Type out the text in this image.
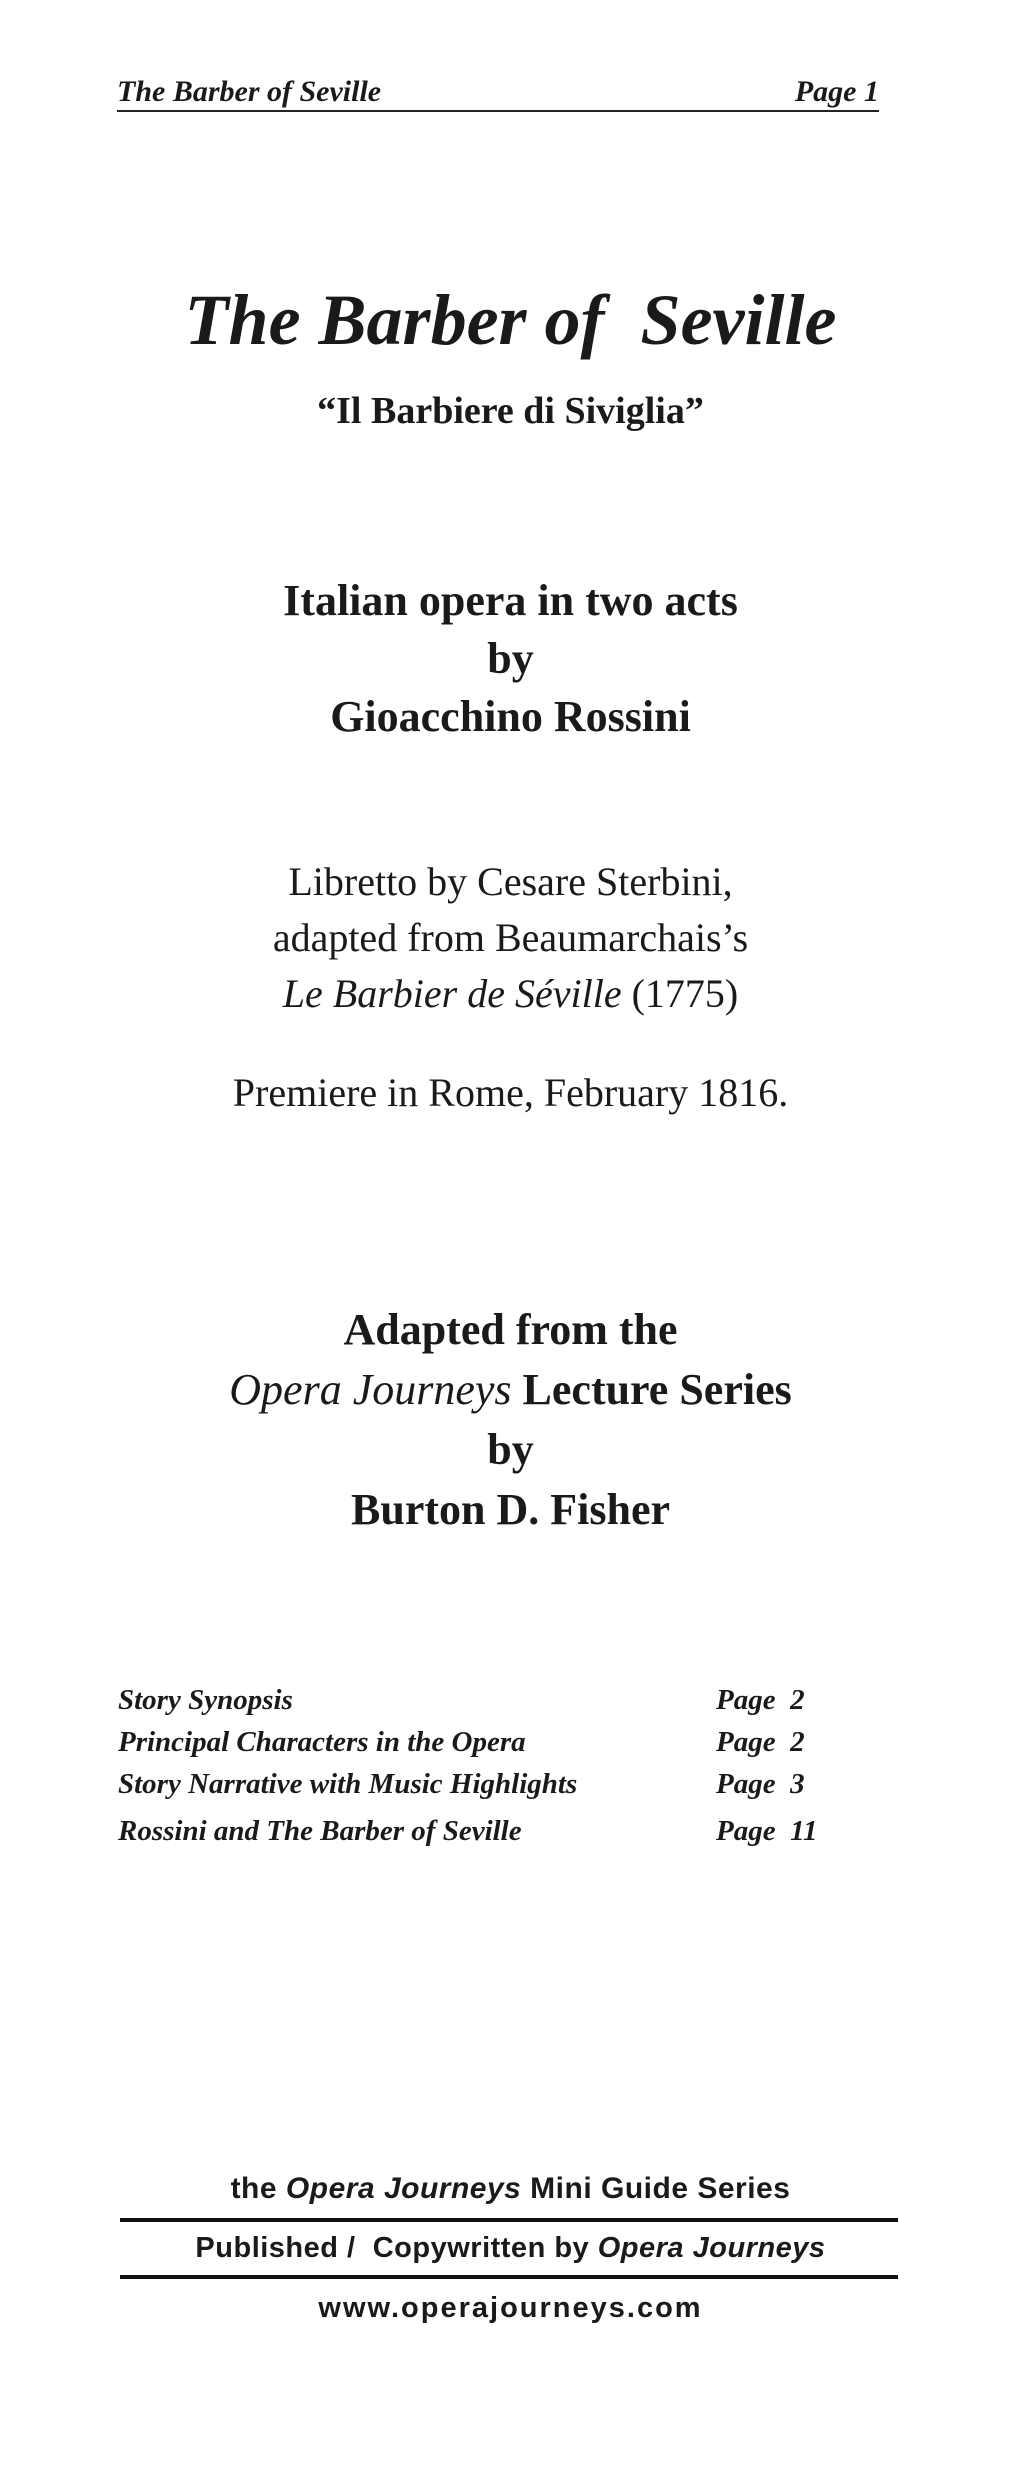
The Barber of Seville	Page 1
The Barber of  Seville
“Il Barbiere di Siviglia”
Italian opera in two acts
by
Gioacchino Rossini
Libretto by Cesare Sterbini,
adapted from Beaumarchais’s
Le Barbier de Séville (1775)
Premiere in Rome, February 1816.
Adapted from the
Opera Journeys Lecture Series
by
Burton D. Fisher
Story Synopsis	Page  2
Principal Characters in the Opera	Page  2
Story Narrative with Music Highlights	Page  3
Rossini and The Barber of Seville	Page  11
the Opera Journeys Mini Guide Series
Published /  Copywritten by Opera Journeys
www.operajourneys.com
